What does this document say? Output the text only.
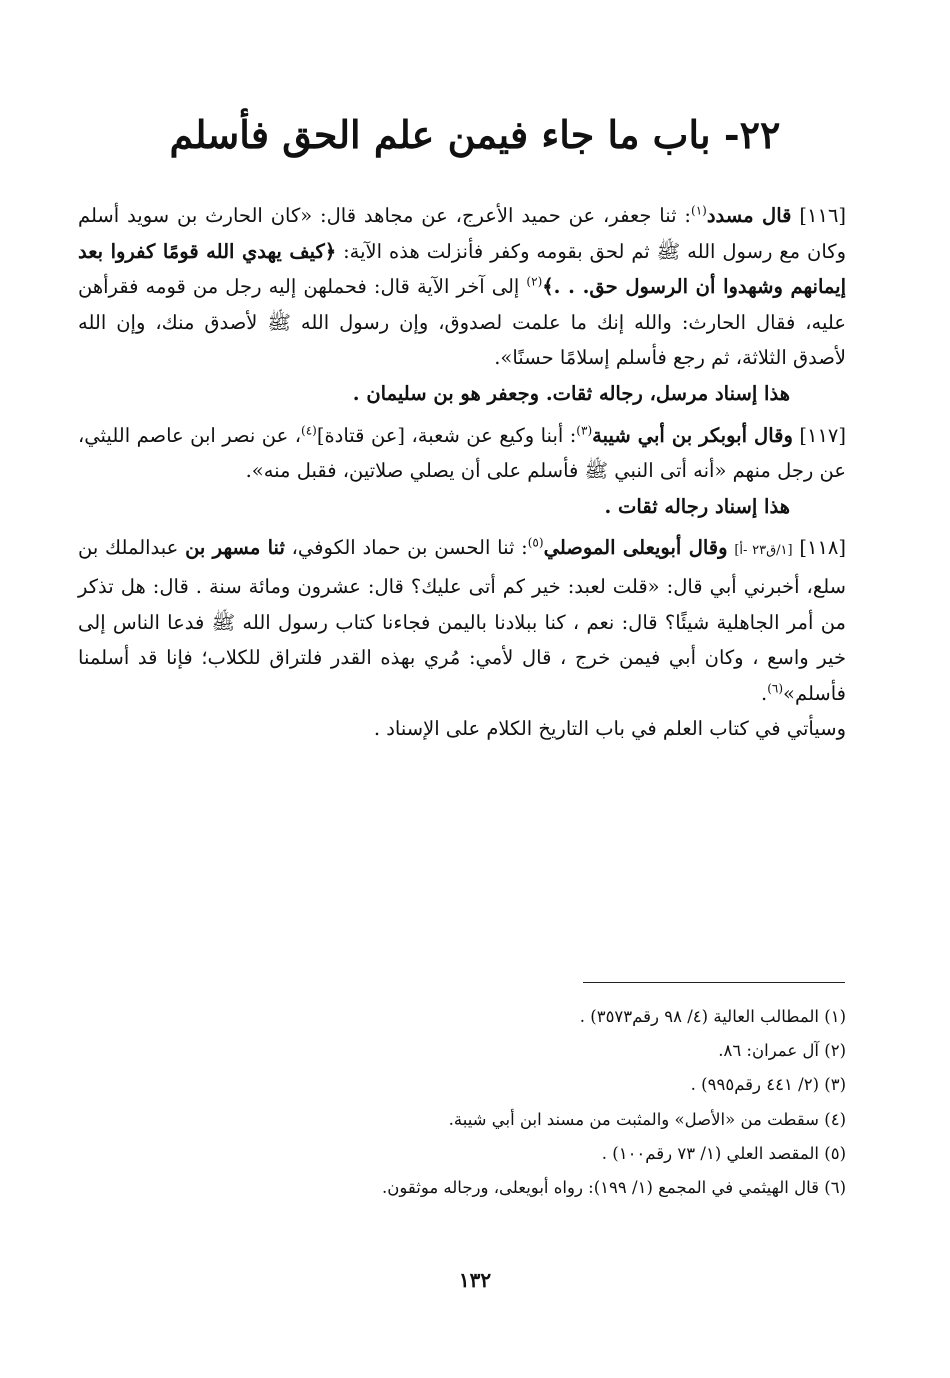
٢٢- باب ما جاء فيمن علم الحق فأسلم

[١١٦] قال مسدد$^{(١)}$: ثنا جعفر، عن حميد الأعرج، عن مجاهد قال: «كان الحارث بن سويد أسلم وكان مع رسول الله ﷺ ثم لحق بقومه وكفر فأنزلت هذه الآية: ﴿كيف يهدي الله قومًا كفروا بعد إيمانهم وشهدوا أن الرسول حق. . .﴾$^{(٢)}$ إلى آخر الآية قال: فحملهن إليه رجل من قومه فقرأهن عليه، فقال الحارث: والله إنك ما علمت لصدوق، وإن رسول الله ﷺ لأصدق منك، وإن الله لأصدق الثلاثة، ثم رجع فأسلم إسلامًا حسنًا».

هذا إسناد مرسل، رجاله ثقات. وجعفر هو بن سليمان .

[١١٧] وقال أبوبكر بن أبي شيبة$^{(٣)}$: أبنا وكيع عن شعبة، [عن قتادة]$^{(٤)}$، عن نصر ابن عاصم الليثي، عن رجل منهم «أنه أتى النبي ﷺ فأسلم على أن يصلي صلاتين، فقبل منه».

هذا إسناد رجاله ثقات .

[١١٨] [١/ق٢٣ -أ] وقال أبويعلى الموصلي$^{(٥)}$: ثنا الحسن بن حماد الكوفي، ثنا مسهر بن عبدالملك بن سلع، أخبرني أبي قال: «قلت لعبد: خير كم أتى عليك؟ قال: عشرون ومائة سنة . قال: هل تذكر من أمر الجاهلية شيئًا؟ قال: نعم ، كنا ببلادنا باليمن فجاءنا كتاب رسول الله ﷺ فدعا الناس إلى خير واسع ، وكان أبي فيمن خرج ، قال لأمي: مُري بهذه القدر فلتراق للكلاب؛ فإنا قد أسلمنا فأسلم»$^{(٦)}$.

وسيأتي في كتاب العلم في باب التاريخ الكلام على الإسناد .

(١) المطالب العالية (٤/ ٩٨ رقم٣٥٧٣) .

(٢) آل عمران: ٨٦.

(٣) (٢/ ٤٤١ رقم٩٩٥) .

(٤) سقطت من «الأصل» والمثبت من مسند ابن أبي شيبة.

(٥) المقصد العلي (١/ ٧٣ رقم١٠٠) .

(٦) قال الهيثمي في المجمع (١/ ١٩٩): رواه أبويعلى، ورجاله موثقون.

١٣٢
